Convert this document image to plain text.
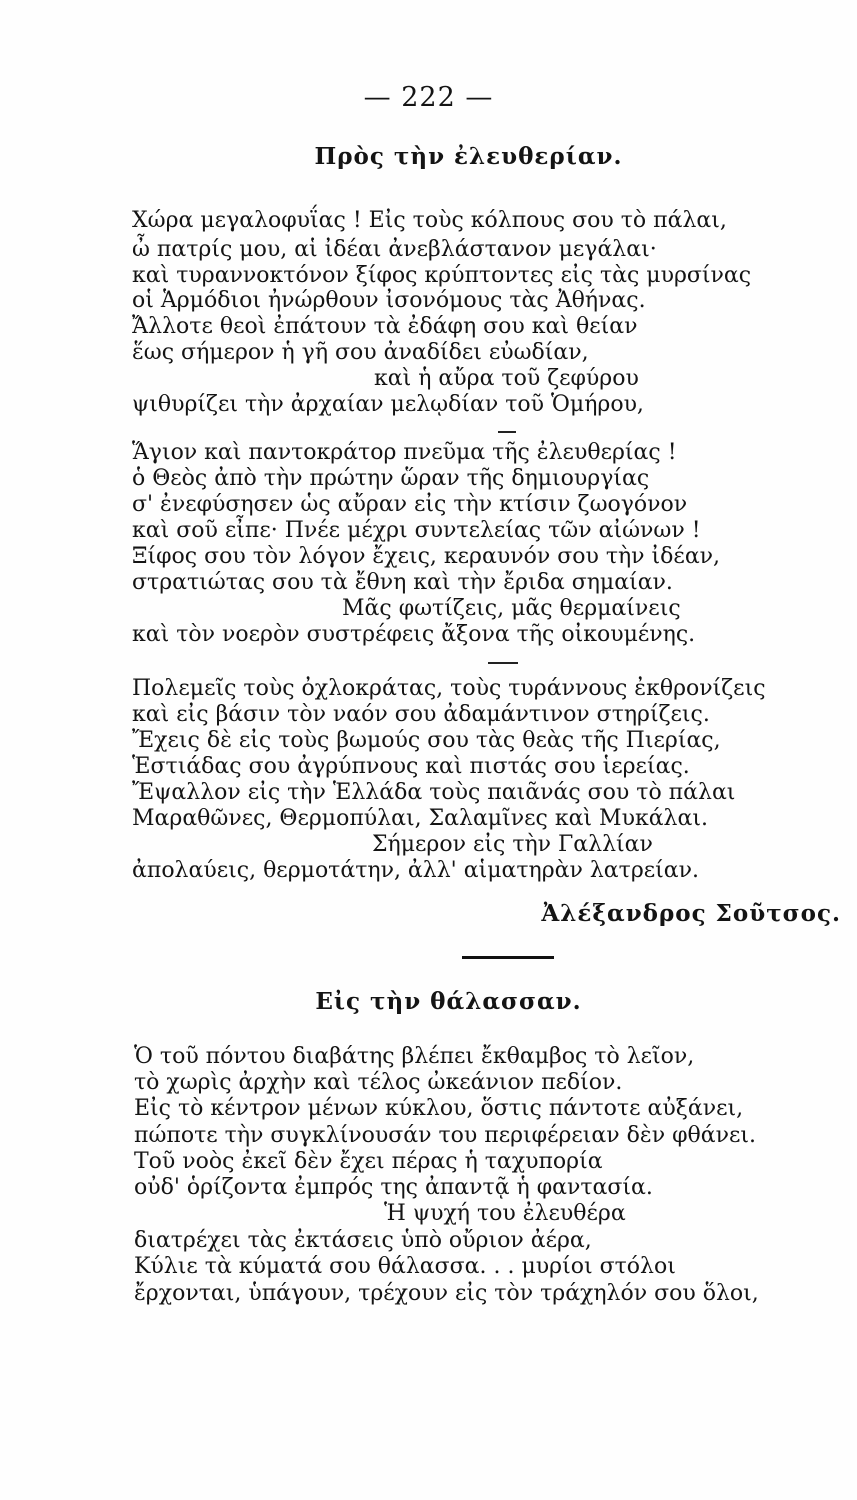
— 222 —
Πρὸς τὴν ἐλευθερίαν.
Χώρα μεγαλοφυΐας ! Εἰς τοὺς κόλπους σου τὸ πάλαι,
ὦ πατρίς μου, αἱ ἰδέαι ἀνεβλάστανον μεγάλαι·
καὶ τυραννοκτόνον ξίφος κρύπτοντες εἰς τὰς μυρσίνας
οἱ Ἁρμόδιοι ἠνώρθουν ἰσονόμους τὰς Ἀθήνας.
Ἄλλοτε θεοὶ ἐπάτουν τὰ ἐδάφη σου καὶ θείαν
ἕως σήμερον ἡ γῆ σου ἀναδίδει εὐωδίαν,
καὶ ἡ αὔρα τοῦ ζεφύρου
ψιθυρίζει τὴν ἀρχαίαν μελῳδίαν τοῦ Ὁμήρου,
Ἅγιον καὶ παντοκράτορ πνεῦμα τῆς ἐλευθερίας !
ὁ Θεὸς ἀπὸ τὴν πρώτην ὥραν τῆς δημιουργίας
σ' ἐνεφύσησεν ὡς αὔραν εἰς τὴν κτίσιν ζωογόνον
καὶ σοῦ εἶπε· Πνέε μέχρι συντελείας τῶν αἰώνων !
Ξίφος σου τὸν λόγον ἔχεις, κεραυνόν σου τὴν ἰδέαν,
στρατιώτας σου τὰ ἔθνη καὶ τὴν ἔριδα σημαίαν.
Μᾶς φωτίζεις, μᾶς θερμαίνεις
καὶ τὸν νοερὸν συστρέφεις ἄξονα τῆς οἰκουμένης.
Πολεμεῖς τοὺς ὀχλοκράτας, τοὺς τυράννους ἐκθρονίζεις
καὶ εἰς βάσιν τὸν ναόν σου ἀδαμάντινον στηρίζεις.
Ἔχεις δὲ εἰς τοὺς βωμούς σου τὰς θεὰς τῆς Πιερίας,
Ἑστιάδας σου ἀγρύπνους καὶ πιστάς σου ἱερείας.
Ἔψαλλον εἰς τὴν Ἑλλάδα τοὺς παιᾶνάς σου τὸ πάλαι
Μαραθῶνες, Θερμοπύλαι, Σαλαμῖνες καὶ Μυκάλαι.
Σήμερον εἰς τὴν Γαλλίαν
ἀπολαύεις, θερμοτάτην, ἀλλ' αἱματηρὰν λατρείαν.
Ἀλέξανδρος Σοῦτσος.
Εἰς τὴν θάλασσαν.
Ὁ τοῦ πόντου διαβάτης βλέπει ἔκθαμβος τὸ λεῖον,
τὸ χωρὶς ἀρχὴν καὶ τέλος ὠκεάνιον πεδίον.
Εἰς τὸ κέντρον μένων κύκλου, ὅστις πάντοτε αὐξάνει,
πώποτε τὴν συγκλίνουσάν του περιφέρειαν δὲν φθάνει.
Τοῦ νοὸς ἐκεῖ δὲν ἔχει πέρας ἡ ταχυπορία
οὐδ' ὁρίζοντα ἐμπρός της ἀπαντᾷ ἡ φαντασία.
Ἡ ψυχή του ἐλευθέρα
διατρέχει τὰς ἐκτάσεις ὑπὸ οὔριον ἀέρα,
Κύλιε τὰ κύματά σου θάλασσα. . . μυρίοι στόλοι
ἔρχονται, ὑπάγουν, τρέχουν εἰς τὸν τράχηλόν σου ὅλοι,
